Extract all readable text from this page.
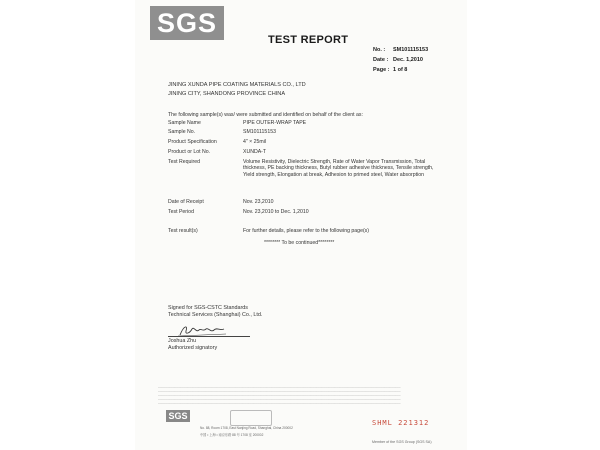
SGS
TEST REPORT
No. : SM101115153
Date : Dec. 1,2010
Page : 1 of 8
JINING XUNDA PIPE COATING MATERIALS CO., LTD
JINING CITY, SHANDONG PROVINCE CHINA
The following sample(s) was/ were submitted and identified on behalf of the client as:
Sample Name	PIPE OUTER-WRAP TAPE
Sample No.	SM101115153
Product Specification	4" × 25mil
Product or Lot No.	XUNDA-T
Test Required	Volume Resistivity, Dielectric Strength, Rate of Water Vapor Transmission, Total thickness, PE backing thickness, Butyl rubber adhesive thickness, Tensile strength, Yield strength, Elongation at break, Adhesion to primed steel, Water absorption
Date of Receipt	Nov. 23,2010
Test Period	Nov. 23,2010 to Dec. 1,2010
Test result(s)	For further details, please refer to the following page(s)
******** To be continued********
Signed for SGS-CSTC Standards
Technical Services (Shanghai) Co., Ltd.
Joshua Zhu
Authorized signatory
────────────────────────────────────────────────────────────────────────────────────────────────────────────────────────────────────
────────────────────────────────────────────────────────────────────────────────────────────────────────────────────────────────────
────────────────────────────────────────────────────────────────────────────────────────────────────────────────────────────────────
────────────────────────────────────────────────────────────────────────────────────────────────────────────────────────────────────
────────────────────────────────────────────────────────────────────────────────────────────────────────────────────────────────────
SGS
No. 88, Room 1708, East Nanjing Road, Shanghai, China 200002
中国 • 上海 • 南京东路 88 号 1708 室 200002
SHML 221312
Member of the SGS Group (SGS SA)
